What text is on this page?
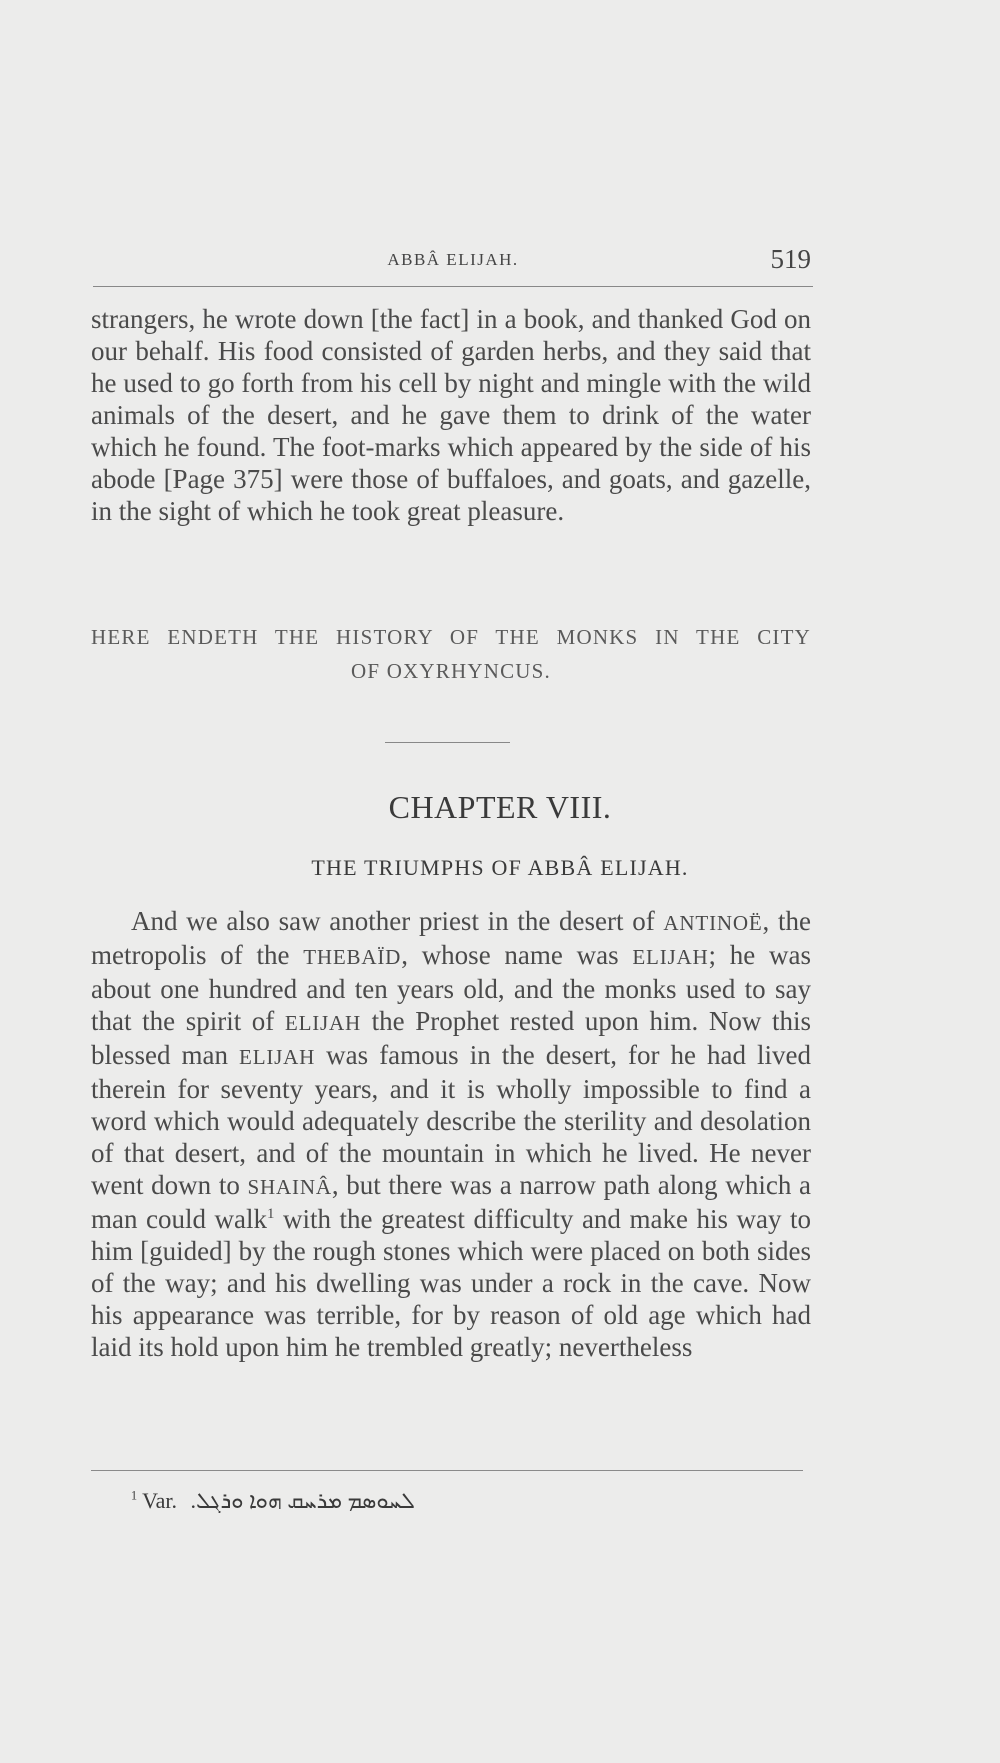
ABBÂ ELIJAH.	519

strangers, he wrote down [the fact] in a book, and thanked God on our behalf. His food consisted of garden herbs, and they said that he used to go forth from his cell by night and mingle with the wild animals of the desert, and he gave them to drink of the water which he found. The foot-marks which appeared by the side of his abode [Page 375] were those of buffaloes, and goats, and gazelle, in the sight of which he took great pleasure.

HERE ENDETH THE HISTORY OF THE MONKS IN THE CITY
OF OXYRHYNCUS.
CHAPTER VIII.
THE TRIUMPHS OF ABBÂ ELIJAH.

And we also saw another priest in the desert of ANTINOË, the metropolis of the THEBAÏD, whose name was ELIJAH; he was about one hundred and ten years old, and the monks used to say that the spirit of ELIJAH the Prophet rested upon him. Now this blessed man ELIJAH was famous in the desert, for he had lived therein for seventy years, and it is wholly impossible to find a word which would adequately describe the sterility and desolation of that desert, and of the mountain in which he lived. He never went down to SHAINÂ, but there was a narrow path along which a man could walk$^1$ with the greatest difficulty and make his way to him [guided] by the rough stones which were placed on both sides of the way; and his dwelling was under a rock in the cave. Now his appearance was terrible, for by reason of old age which had laid its hold upon him he trembled greatly; nevertheless

$^1$ Var. ܠܚܘܣܡ ܡܪܚܩ ܗܘܐ ܘܪܓܠ.
